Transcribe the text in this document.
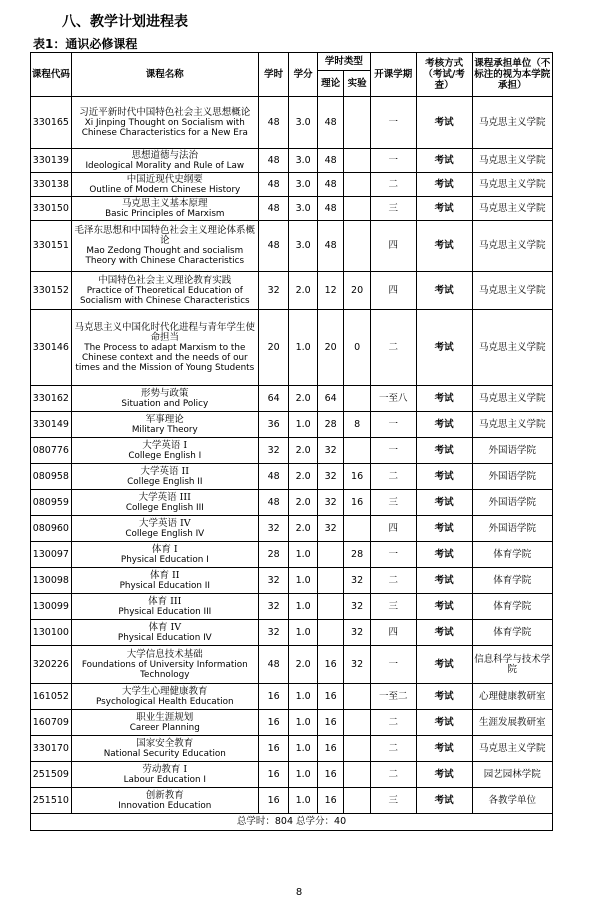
八、教学计划进程表
表1：通识必修课程
课程代码	课程名称	学时	学分	学时类型		开课学期	考核方式（考试/考查）	课程承担单位（不标注的视为本学院承担）
				理论	实验			
330165	习近平新时代中国特色社会主义思想概论
Xi Jinping Thought on Socialism with Chinese Characteristics for a New Era	48	3.0	48		一	考试	马克思主义学院
330139	思想道德与法治
Ideological Morality and Rule of Law	48	3.0	48		一	考试	马克思主义学院
330138	中国近现代史纲要
Outline of Modern Chinese History	48	3.0	48		二	考试	马克思主义学院
330150	马克思主义基本原理
Basic Principles of Marxism	48	3.0	48		三	考试	马克思主义学院
330151	毛泽东思想和中国特色社会主义理论体系概论
Mao Zedong Thought and socialism Theory with Chinese Characteristics	48	3.0	48		四	考试	马克思主义学院
330152	中国特色社会主义理论教育实践
Practice of Theoretical Education of Socialism with Chinese Characteristics	32	2.0	12	20	四	考试	马克思主义学院
330146	马克思主义中国化时代化进程与青年学生使命担当
The Process to adapt Marxism to the Chinese context and the needs of our times and the Mission of Young Students	20	1.0	20	0	二	考试	马克思主义学院
330162	形势与政策
Situation and Policy	64	2.0	64		一至八	考试	马克思主义学院
330149	军事理论
Military Theory	36	1.0	28	8	一	考试	马克思主义学院
080776	大学英语 I
College English I	32	2.0	32		一	考试	外国语学院
080958	大学英语 II
College English II	48	2.0	32	16	二	考试	外国语学院
080959	大学英语 III
College English III	48	2.0	32	16	三	考试	外国语学院
080960	大学英语 IV
College English IV	32	2.0	32		四	考试	外国语学院
130097	体育 I
Physical Education I	28	1.0		28	一	考试	体育学院
130098	体育 II
Physical Education II	32	1.0		32	二	考试	体育学院
130099	体育 III
Physical Education III	32	1.0		32	三	考试	体育学院
130100	体育 IV
Physical Education IV	32	1.0		32	四	考试	体育学院
320226	大学信息技术基础
Foundations of University Information Technology	48	2.0	16	32	一	考试	信息科学与技术学院
161052	大学生心理健康教育
Psychological Health Education	16	1.0	16		一至二	考试	心理健康教研室
160709	职业生涯规划
Career Planning	16	1.0	16		二	考试	生涯发展教研室
330170	国家安全教育
National Security Education	16	1.0	16		二	考试	马克思主义学院
251509	劳动教育 I
Labour Education I	16	1.0	16		二	考试	园艺园林学院
251510	创新教育
Innovation Education	16	1.0	16		三	考试	各教学单位
总学时：804 总学分：40								
8
